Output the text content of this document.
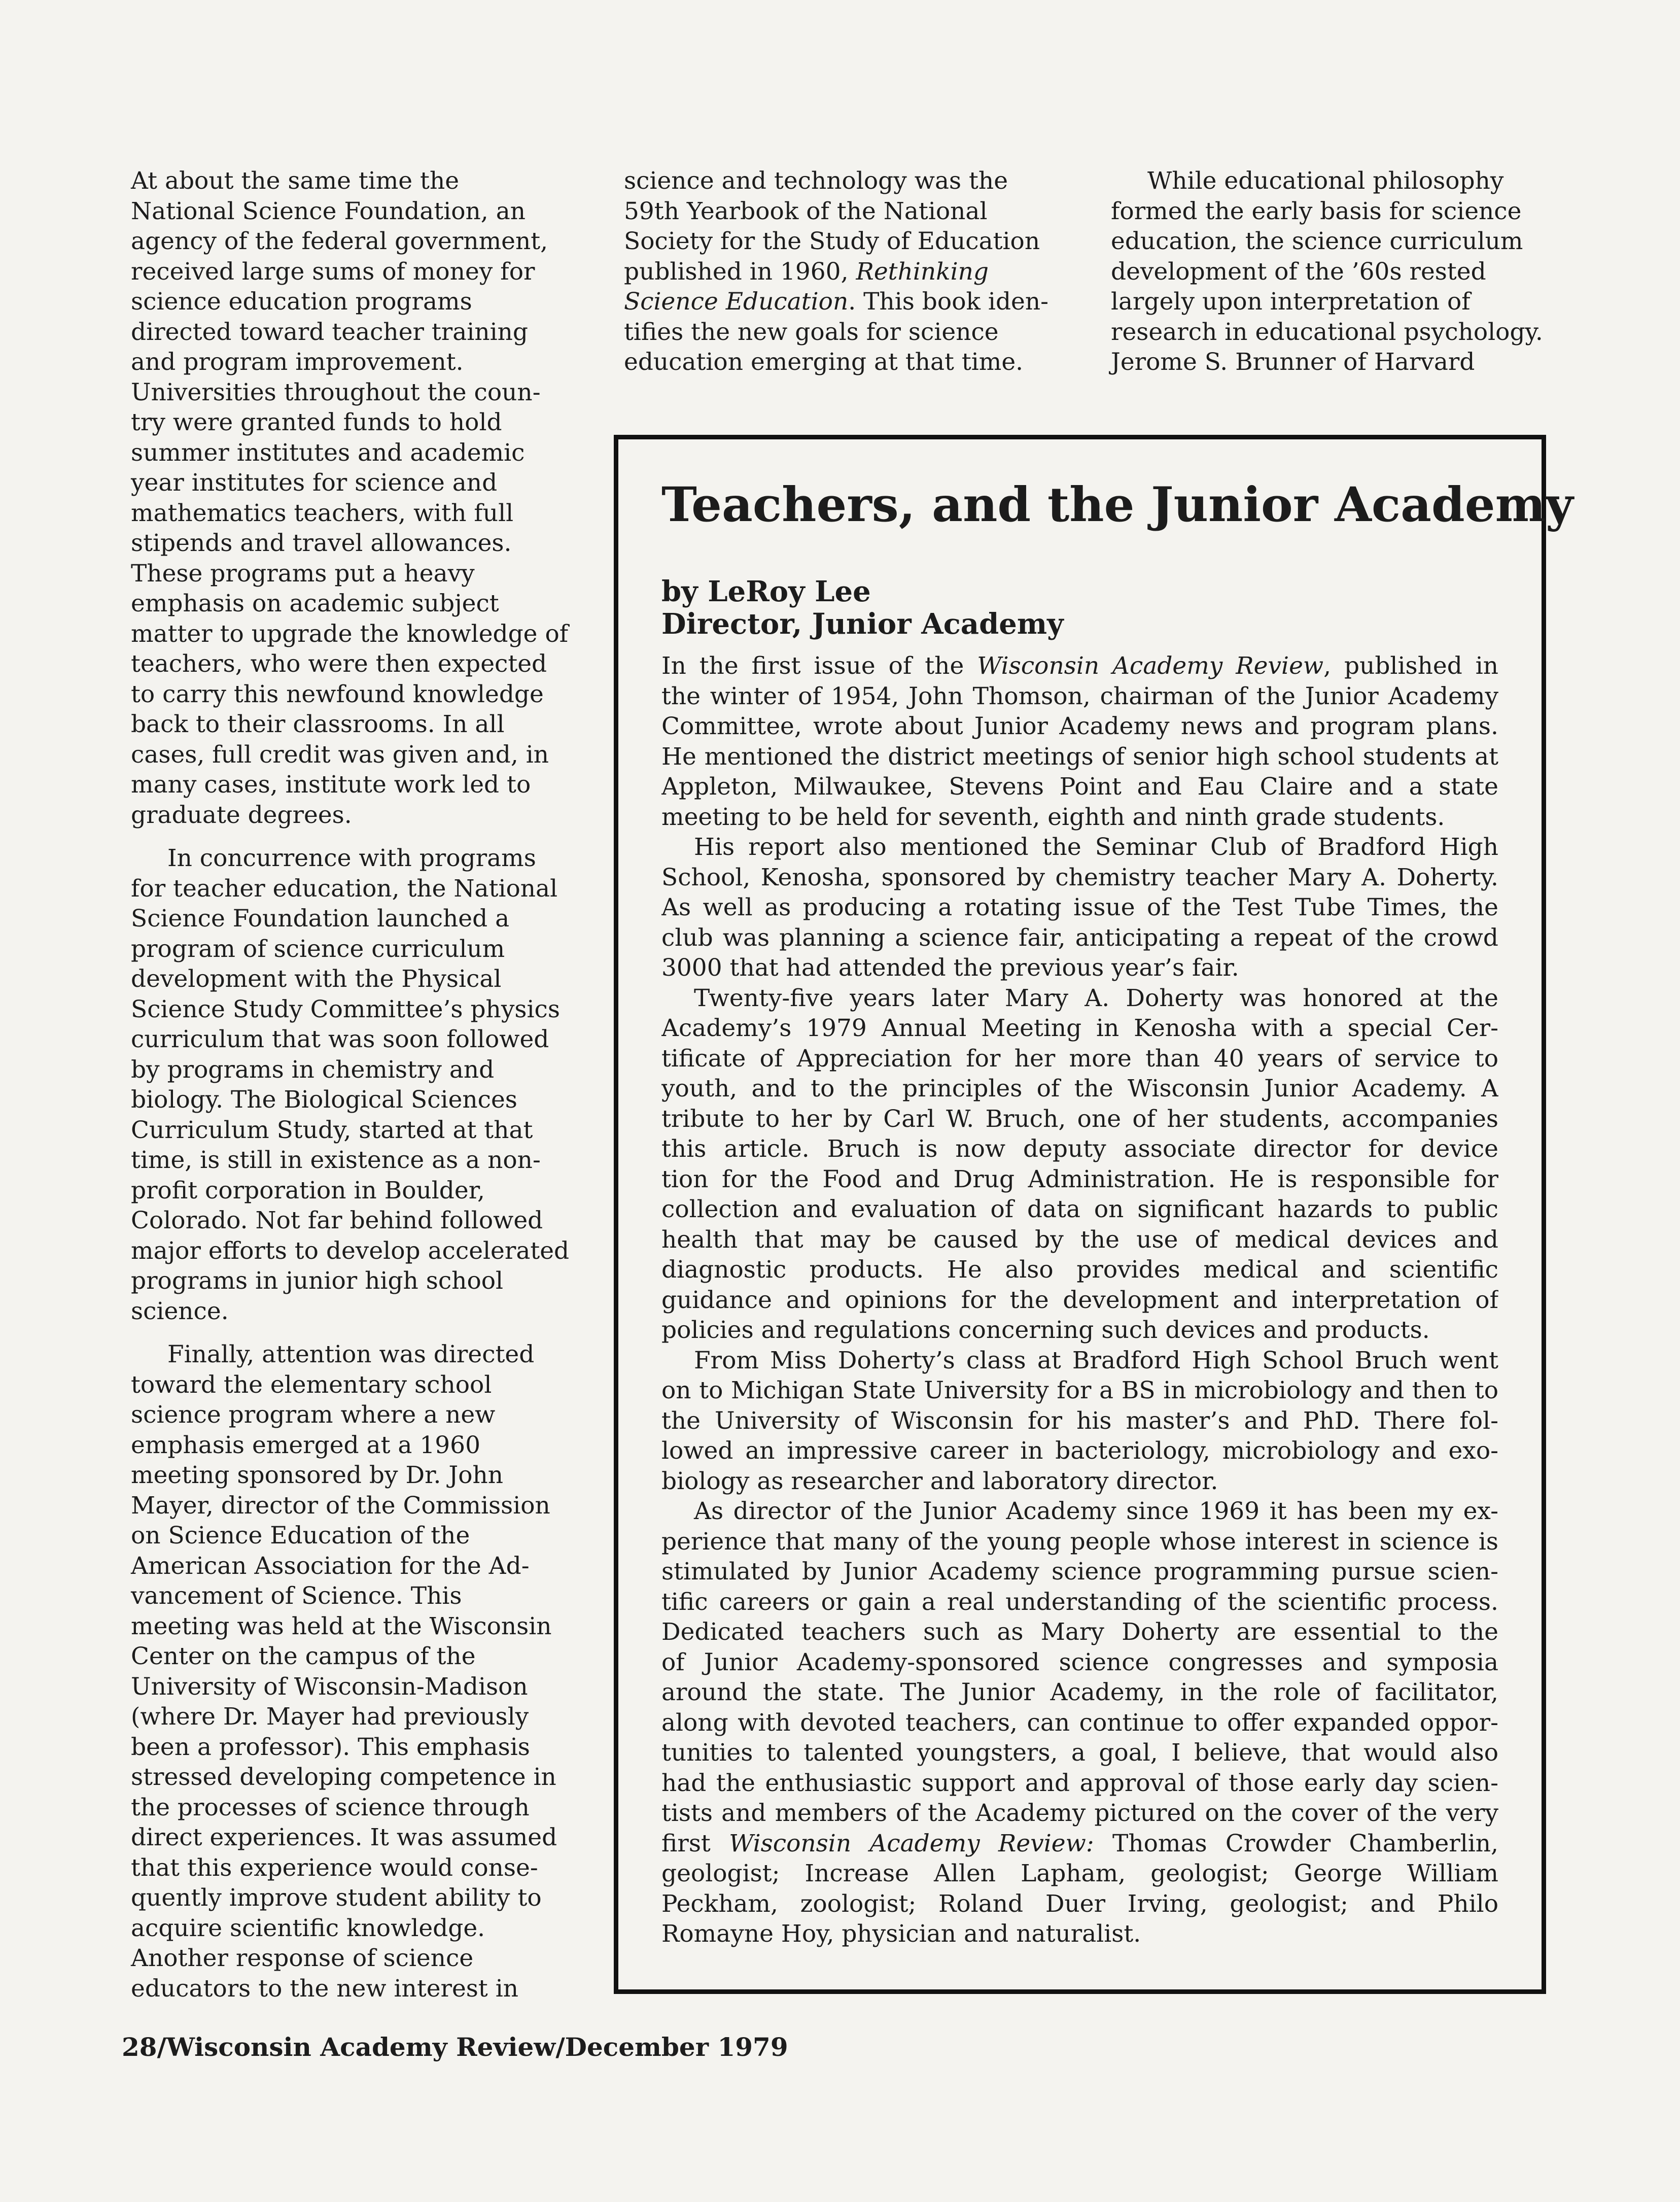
At about the same time the
National Science Foundation, an
agency of the federal government,
received large sums of money for
science education programs
directed toward teacher training
and program improvement.
Universities throughout the coun-
try were granted funds to hold
summer institutes and academic
year institutes for science and
mathematics teachers, with full
stipends and travel allowances.
These programs put a heavy
emphasis on academic subject
matter to upgrade the knowledge of
teachers, who were then expected
to carry this newfound knowledge
back to their classrooms. In all
cases, full credit was given and, in
many cases, institute work led to
graduate degrees.
In concurrence with programs
for teacher education, the National
Science Foundation launched a
program of science curriculum
development with the Physical
Science Study Committee’s physics
curriculum that was soon followed
by programs in chemistry and
biology. The Biological Sciences
Curriculum Study, started at that
time, is still in existence as a non-
profit corporation in Boulder,
Colorado. Not far behind followed
major efforts to develop accelerated
programs in junior high school
science.
Finally, attention was directed
toward the elementary school
science program where a new
emphasis emerged at a 1960
meeting sponsored by Dr. John
Mayer, director of the Commission
on Science Education of the
American Association for the Ad-
vancement of Science. This
meeting was held at the Wisconsin
Center on the campus of the
University of Wisconsin-Madison
(where Dr. Mayer had previously
been a professor). This emphasis
stressed developing competence in
the processes of science through
direct experiences. It was assumed
that this experience would conse-
quently improve student ability to
acquire scientific knowledge.
Another response of science
educators to the new interest in
science and technology was the
59th Yearbook of the National
Society for the Study of Education
published in 1960, Rethinking
Science Education. This book iden-
tifies the new goals for science
education emerging at that time.
While educational philosophy
formed the early basis for science
education, the science curriculum
development of the ’60s rested
largely upon interpretation of
research in educational psychology.
Jerome S. Brunner of Harvard
Teachers, and the Junior Academy
by LeRoy Lee
Director, Junior Academy
In the first issue of the Wisconsin Academy Review, published in
the winter of 1954, John Thomson, chairman of the Junior Academy
Committee, wrote about Junior Academy news and program plans.
He mentioned the district meetings of senior high school students at
Appleton, Milwaukee, Stevens Point and Eau Claire and a state
meeting to be held for seventh, eighth and ninth grade students.
His report also mentioned the Seminar Club of Bradford High
School, Kenosha, sponsored by chemistry teacher Mary A. Doherty.
As well as producing a rotating issue of the Test Tube Times, the
club was planning a science fair, anticipating a repeat of the crowd
3000 that had attended the previous year’s fair.
Twenty-five years later Mary A. Doherty was honored at the
Academy’s 1979 Annual Meeting in Kenosha with a special Cer-
tificate of Appreciation for her more than 40 years of service to
youth, and to the principles of the Wisconsin Junior Academy. A
tribute to her by Carl W. Bruch, one of her students, accompanies
this article. Bruch is now deputy associate director for device
tion for the Food and Drug Administration. He is responsible for
collection and evaluation of data on significant hazards to public
health that may be caused by the use of medical devices and
diagnostic products. He also provides medical and scientific
guidance and opinions for the development and interpretation of
policies and regulations concerning such devices and products.
From Miss Doherty’s class at Bradford High School Bruch went
on to Michigan State University for a BS in microbiology and then to
the University of Wisconsin for his master’s and PhD. There fol-
lowed an impressive career in bacteriology, microbiology and exo-
biology as researcher and laboratory director.
As director of the Junior Academy since 1969 it has been my ex-
perience that many of the young people whose interest in science is
stimulated by Junior Academy science programming pursue scien-
tific careers or gain a real understanding of the scientific process.
Dedicated teachers such as Mary Doherty are essential to the
of Junior Academy-sponsored science congresses and symposia
around the state. The Junior Academy, in the role of facilitator,
along with devoted teachers, can continue to offer expanded oppor-
tunities to talented youngsters, a goal, I believe, that would also
had the enthusiastic support and approval of those early day scien-
tists and members of the Academy pictured on the cover of the very
first Wisconsin Academy Review: Thomas Crowder Chamberlin,
geologist; Increase Allen Lapham, geologist; George William
Peckham, zoologist; Roland Duer Irving, geologist; and Philo
Romayne Hoy, physician and naturalist.
28/Wisconsin Academy Review/December 1979
